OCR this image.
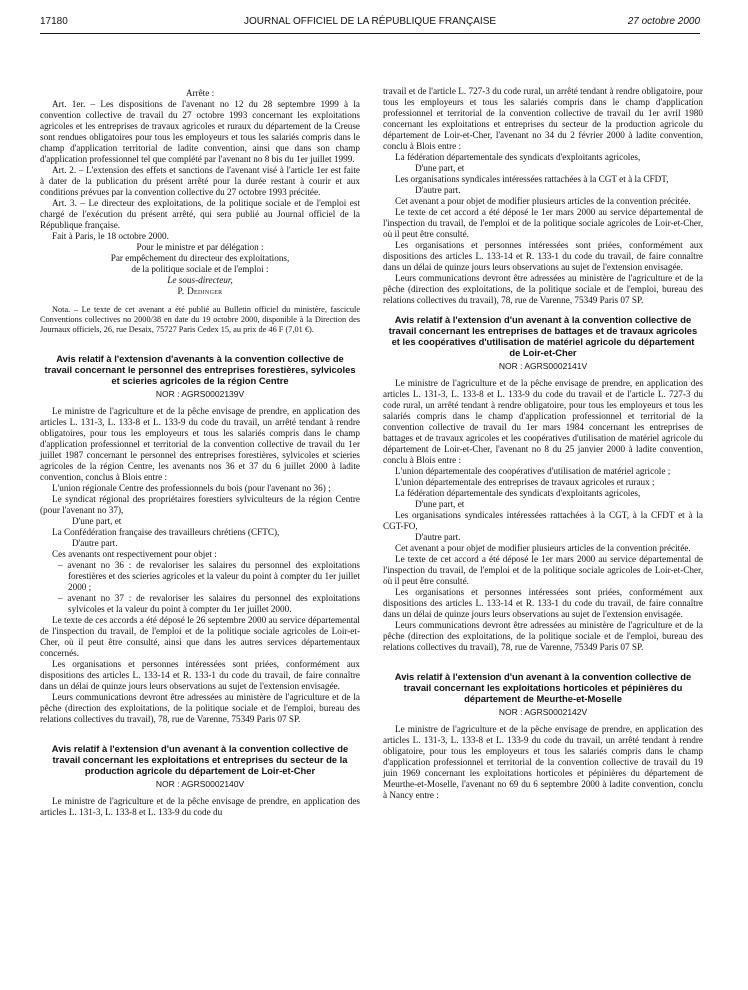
17180	JOURNAL OFFICIEL DE LA RÉPUBLIQUE FRANÇAISE	27 octobre 2000

Arrête :

Art. 1er. – Les dispositions de l'avenant no 12 du 28 septembre 1999 à la convention collective de travail du 27 octobre 1993 concernant les exploitations agricoles et les entreprises de travaux agricoles et ruraux du département de la Creuse sont rendues obligatoires pour tous les employeurs et tous les salariés compris dans le champ d'application territorial de ladite convention, ainsi que dans son champ d'application professionnel tel que complété par l'avenant no 8 bis du 1er juillet 1999.

Art. 2. – L'extension des effets et sanctions de l'avenant visé à l'article 1er est faite à dater de la publication du présent arrêté pour la durée restant à courir et aux conditions prévues par la convention collective du 27 octobre 1993 précitée.

Art. 3. – Le directeur des exploitations, de la politique sociale et de l'emploi est chargé de l'exécution du présent arrêté, qui sera publié au Journal officiel de la République française.

Fait à Paris, le 18 octobre 2000.

Pour le ministre et par délégation :

Par empêchement du directeur des exploitations,

de la politique sociale et de l'emploi :

Le sous-directeur,

P. Dedinger

Nota. – Le texte de cet avenant a été publié au Bulletin officiel du ministère, fascicule Conventions collectives no 2000/38 en date du 19 octobre 2000, disponible à la Direction des Journaux officiels, 26, rue Desaix, 75727 Paris Cedex 15, au prix de 46 F (7,01 €).

Avis relatif à l'extension d'avenants à la convention collective de travail concernant le personnel des entreprises forestières, sylvicoles et scieries agricoles de la région Centre

NOR : AGRS0002139V

Le ministre de l'agriculture et de la pêche envisage de prendre, en application des articles L. 131-3, L. 133-8 et L. 133-9 du code du travail, un arrêté tendant à rendre obligatoires, pour tous les employeurs et tous les salariés compris dans le champ d'application professionnel et territorial de la convention collective de travail du 1er juillet 1987 concernant le personnel des entreprises forestières, sylvicoles et scieries agricoles de la région Centre, les avenants nos 36 et 37 du 6 juillet 2000 à ladite convention, conclus à Blois entre :

L'union régionale Centre des professionnels du bois (pour l'avenant no 36) ;

Le syndicat régional des propriétaires forestiers sylviculteurs de la région Centre (pour l'avenant no 37),

D'une part, et

La Confédération française des travailleurs chrétiens (CFTC),

D'autre part.

Ces avenants ont respectivement pour objet :

– avenant no 36 : de revaloriser les salaires du personnel des exploitations forestières et des scieries agricoles et la valeur du point à compter du 1er juillet 2000 ;

– avenant no 37 : de revaloriser les salaires du personnel des exploitations sylvicoles et la valeur du point à compter du 1er juillet 2000.

Le texte de ces accords a été déposé le 26 septembre 2000 au service départemental de l'inspection du travail, de l'emploi et de la politique sociale agricoles de Loir-et-Cher, où il peut être consulté, ainsi que dans les autres services départementaux concernés.

Les organisations et personnes intéressées sont priées, conformément aux dispositions des articles L. 133-14 et R. 133-1 du code du travail, de faire connaître dans un délai de quinze jours leurs observations au sujet de l'extension envisagée.

Leurs communications devront être adressées au ministère de l'agriculture et de la pêche (direction des exploitations, de la politique sociale et de l'emploi, bureau des relations collectives du travail), 78, rue de Varenne, 75349 Paris 07 SP.

Avis relatif à l'extension d'un avenant à la convention collective de travail concernant les exploitations et entreprises du secteur de la production agricole du département de Loir-et-Cher

NOR : AGRS0002140V

Le ministre de l'agriculture et de la pêche envisage de prendre, en application des articles L. 131-3, L. 133-8 et L. 133-9 du code du

travail et de l'article L. 727-3 du code rural, un arrêté tendant à rendre obligatoire, pour tous les employeurs et tous les salariés compris dans le champ d'application professionnel et territorial de la convention collective de travail du 1er avril 1980 concernant les exploitations et entreprises du secteur de la production agricole du département de Loir-et-Cher, l'avenant no 34 du 2 février 2000 à ladite convention, conclu à Blois entre :

La fédération départementale des syndicats d'exploitants agricoles,

D'une part, et

Les organisations syndicales intéressées rattachées à la CGT et à la CFDT,

D'autre part.

Cet avenant a pour objet de modifier plusieurs articles de la convention précitée.

Le texte de cet accord a été déposé le 1er mars 2000 au service départemental de l'inspection du travail, de l'emploi et de la politique sociale agricoles de Loir-et-Cher, où il peut être consulté.

Les organisations et personnes intéressées sont priées, conformément aux dispositions des articles L. 133-14 et R. 133-1 du code du travail, de faire connaître dans un délai de quinze jours leurs observations au sujet de l'extension envisagée.

Leurs communications devront être adressées au ministère de l'agriculture et de la pêche (direction des exploitations, de la politique sociale et de l'emploi, bureau des relations collectives du travail), 78, rue de Varenne, 75349 Paris 07 SP.

Avis relatif à l'extension d'un avenant à la convention collective de travail concernant les entreprises de battages et de travaux agricoles et les coopératives d'utilisation de matériel agricole du département de Loir-et-Cher

NOR : AGRS0002141V

Le ministre de l'agriculture et de la pêche envisage de prendre, en application des articles L. 131-3, L. 133-8 et L. 133-9 du code du travail et de l'article L. 727-3 du code rural, un arrêté tendant à rendre obligatoire, pour tous les employeurs et tous les salariés compris dans le champ d'application professionnel et territorial de la convention collective de travail du 1er mars 1984 concernant les entreprises de battages et de travaux agricoles et les coopératives d'utilisation de matériel agricole du département de Loir-et-Cher, l'avenant no 8 du 25 janvier 2000 à ladite convention, conclu à Blois entre :

L'union départementale des coopératives d'utilisation de matériel agricole ;

L'union départementale des entreprises de travaux agricoles et ruraux ;

La fédération départementale des syndicats d'exploitants agricoles,

D'une part, et

Les organisations syndicales intéressées rattachées à la CGT, à la CFDT et à la CGT-FO,

D'autre part.

Cet avenant a pour objet de modifier plusieurs articles de la convention précitée.

Le texte de cet accord a été déposé le 1er mars 2000 au service départemental de l'inspection du travail, de l'emploi et de la politique sociale agricoles de Loir-et-Cher, où il peut être consulté.

Les organisations et personnes intéressées sont priées, conformément aux dispositions des articles L. 133-14 et R. 133-1 du code du travail, de faire connaître dans un délai de quinze jours leurs observations au sujet de l'extension envisagée.

Leurs communications devront être adressées au ministère de l'agriculture et de la pêche (direction des exploitations, de la politique sociale et de l'emploi, bureau des relations collectives du travail), 78, rue de Varenne, 75349 Paris 07 SP.

Avis relatif à l'extension d'un avenant à la convention collective de travail concernant les exploitations horticoles et pépinières du département de Meurthe-et-Moselle

NOR : AGRS0002142V

Le ministre de l'agriculture et de la pêche envisage de prendre, en application des articles L. 131-3, L. 133-8 et L. 133-9 du code du travail, un arrêté tendant à rendre obligatoire, pour tous les employeurs et tous les salariés compris dans le champ d'application professionnel et territorial de la convention collective de travail du 19 juin 1969 concernant les exploitations horticoles et pépinières du département de Meurthe-et-Moselle, l'avenant no 69 du 6 septembre 2000 à ladite convention, conclu à Nancy entre :
